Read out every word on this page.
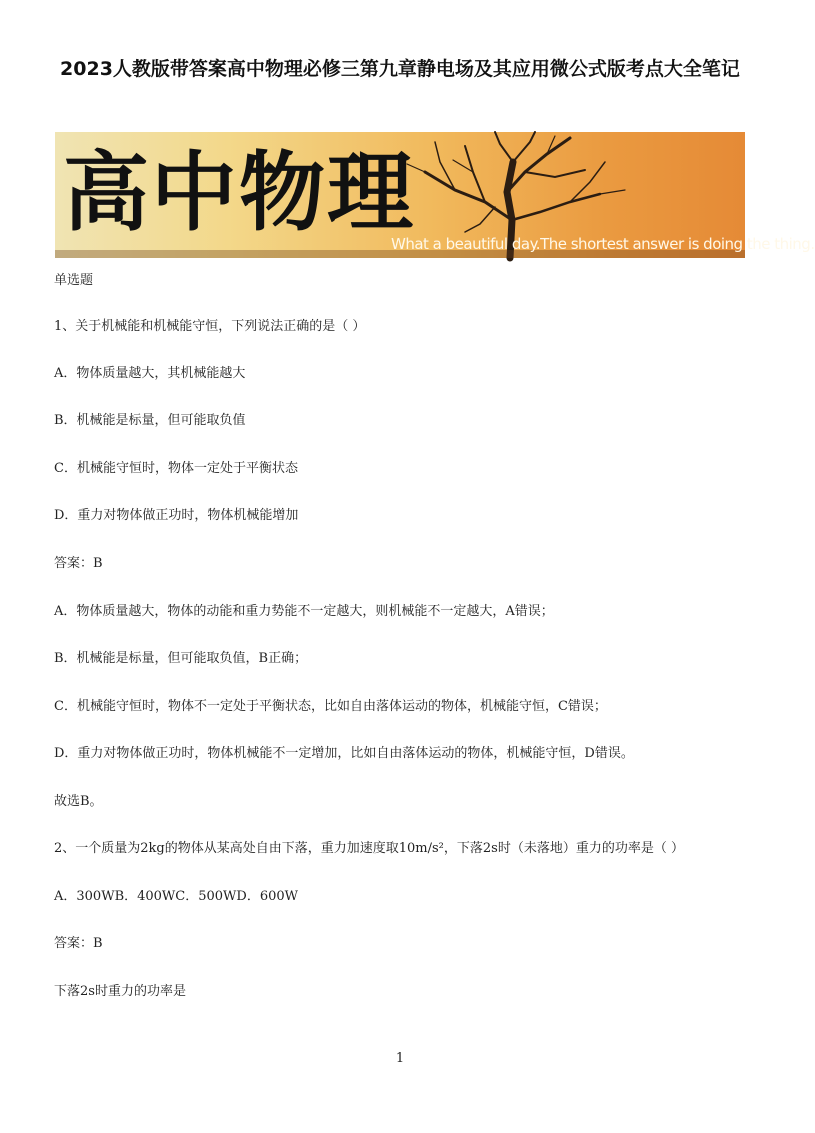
2023人教版带答案高中物理必修三第九章静电场及其应用微公式版考点大全笔记
高中物理
What a beautiful day.The shortest answer is doing the thing.
单选题
1、关于机械能和机械能守恒，下列说法正确的是（ ）
A．物体质量越大，其机械能越大
B．机械能是标量，但可能取负值
C．机械能守恒时，物体一定处于平衡状态
D．重力对物体做正功时，物体机械能增加
答案：B
A．物体质量越大，物体的动能和重力势能不一定越大，则机械能不一定越大，A错误；
B．机械能是标量，但可能取负值，B正确；
C．机械能守恒时，物体不一定处于平衡状态，比如自由落体运动的物体，机械能守恒，C错误；
D．重力对物体做正功时，物体机械能不一定增加，比如自由落体运动的物体，机械能守恒，D错误。
故选B。
2、一个质量为2kg的物体从某高处自由下落，重力加速度取10m/s²，下落2s时（未落地）重力的功率是（ ）
A．300WB．400WC．500WD．600W
答案：B
下落2s时重力的功率是
1
